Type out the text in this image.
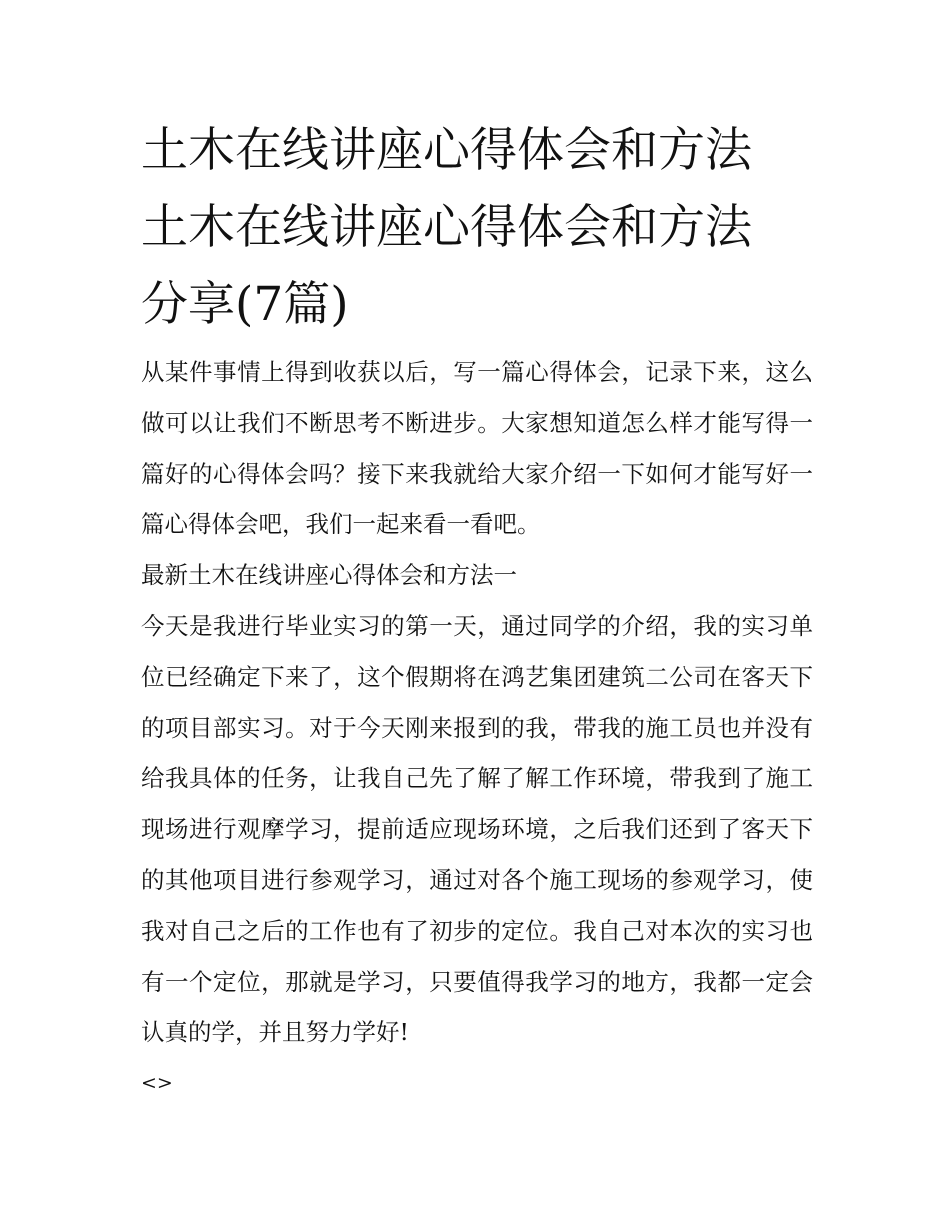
土木在线讲座心得体会和方法
土木在线讲座心得体会和方法
分享(7篇)

从某件事情上得到收获以后，写一篇心得体会，记录下来，这么做可以让我们不断思考不断进步。大家想知道怎么样才能写得一篇好的心得体会吗？接下来我就给大家介绍一下如何才能写好一篇心得体会吧，我们一起来看一看吧。

最新土木在线讲座心得体会和方法一

今天是我进行毕业实习的第一天，通过同学的介绍，我的实习单位已经确定下来了，这个假期将在鸿艺集团建筑二公司在客天下的项目部实习。对于今天刚来报到的我，带我的施工员也并没有给我具体的任务，让我自己先了解了解工作环境，带我到了施工现场进行观摩学习，提前适应现场环境，之后我们还到了客天下的其他项目进行参观学习，通过对各个施工现场的参观学习，使我对自己之后的工作也有了初步的定位。我自己对本次的实习也有一个定位，那就是学习，只要值得我学习的地方，我都一定会认真的学，并且努力学好!

<>
